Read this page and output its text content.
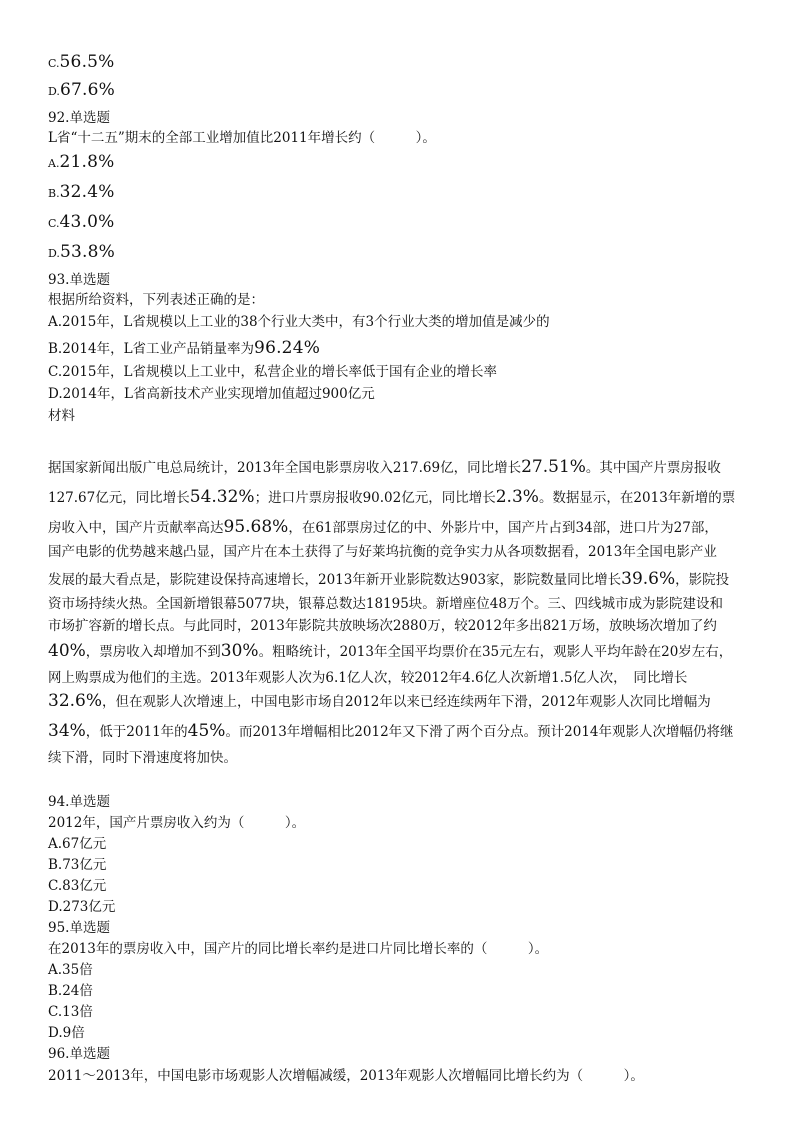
C.56.5%
D.67.6%
92.单选题
L省“十二五”期末的全部工业增加值比2011年增长约（　　　）。
A.21.8%
B.32.4%
C.43.0%
D.53.8%
93.单选题
根据所给资料，下列表述正确的是：
A.2015年，L省规模以上工业的38个行业大类中，有3个行业大类的增加值是减少的
B.2014年，L省工业产品销量率为96.24%
C.2015年，L省规模以上工业中，私营企业的增长率低于国有企业的增长率
D.2014年，L省高新技术产业实现增加值超过900亿元
材料
据国家新闻出版广电总局统计，2013年全国电影票房收入217.69亿，同比增长27.51%。其中国产片票房报收
127.67亿元，同比增长54.32%；进口片票房报收90.02亿元，同比增长2.3%。数据显示，在2013年新增的票
房收入中，国产片贡献率高达95.68%，在61部票房过亿的中、外影片中，国产片占到34部，进口片为27部，
国产电影的优势越来越凸显，国产片在本土获得了与好莱坞抗衡的竞争实力从各项数据看，2013年全国电影产业
发展的最大看点是，影院建设保持高速增长，2013年新开业影院数达903家，影院数量同比增长39.6%，影院投
资市场持续火热。全国新增银幕5077块，银幕总数达18195块。新增座位48万个。三、四线城市成为影院建设和
市场扩容新的增长点。与此同时，2013年影院共放映场次2880万，较2012年多出821万场，放映场次增加了约
40%，票房收入却增加不到30%。粗略统计，2013年全国平均票价在35元左右，观影人平均年龄在20岁左右，
网上购票成为他们的主选。2013年观影人次为6.1亿人次，较2012年4.6亿人次新增1.5亿人次，　同比增长
32.6%，但在观影人次增速上，中国电影市场自2012年以来已经连续两年下滑，2012年观影人次同比增幅为
34%，低于2011年的45%。而2013年增幅相比2012年又下滑了两个百分点。预计2014年观影人次增幅仍将继
续下滑，同时下滑速度将加快。
94.单选题
2012年，国产片票房收入约为（　　　）。
A.67亿元
B.73亿元
C.83亿元
D.273亿元
95.单选题
在2013年的票房收入中，国产片的同比增长率约是进口片同比增长率的（　　　）。
A.35倍
B.24倍
C.13倍
D.9倍
96.单选题
2011～2013年，中国电影市场观影人次增幅减缓，2013年观影人次增幅同比增长约为（　　　）。
